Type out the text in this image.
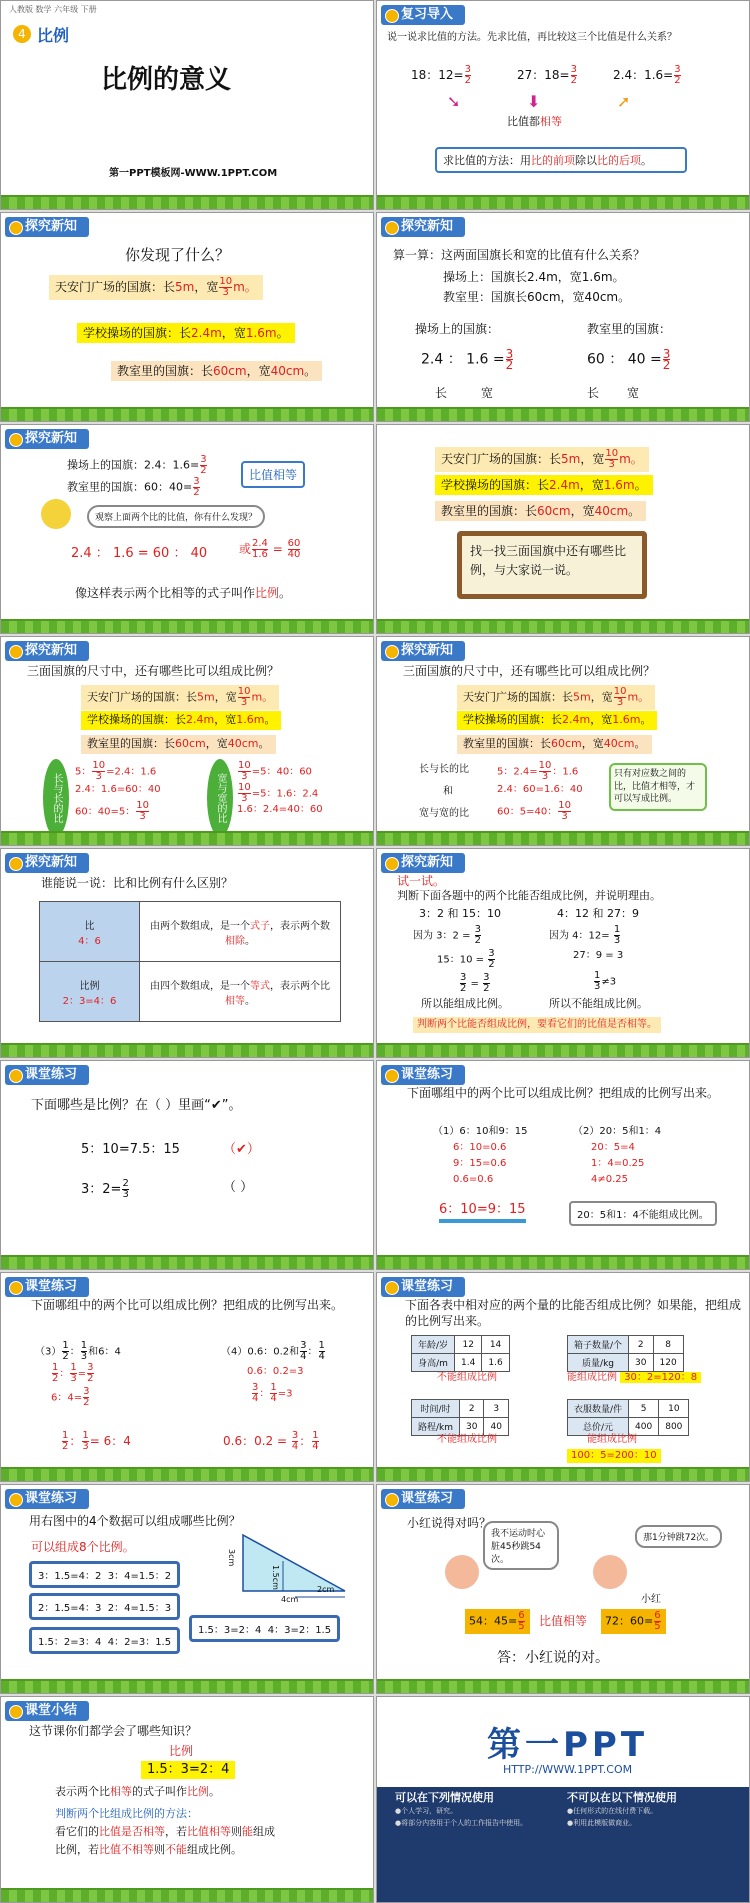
人教版 数学 六年级 下册
4 比例
比例的意义
第一PPT模板网-WWW.1PPT.COM
复习导入
说一说求比值的方法。先求比值，再比较这三个比值是什么关系？
18：$12= \frac{3}{2}$	27：$18= \frac{3}{2}$	2.4：$1.6= \frac{3}{2}$
➘	⬇	➚
比值都相等
求比值的方法：用比的前项除以比的后项。
探究新知
你发现了什么？
天安门广场的国旗：长5m，宽 $\frac{10}{3}$ m。
学校操场的国旗：长2.4m，宽1.6m。
教室里的国旗：长60cm，宽40cm。
探究新知
算一算：这两面国旗长和宽的比值有什么关系？
操场上：国旗长2.4m，宽1.6m。
教室里：国旗长60cm，宽40cm。
操场上的国旗：	教室里的国旗：
2.4 ： $1.6 = \frac{3}{2}$	60 ： $40 = \frac{3}{2}$
长	宽	长 宽
探究新知
操场上的国旗：2.4：$1.6= \frac{3}{2}$
教室里的国旗：60：$40= \frac{3}{2}$
比值相等
观察上面两个比的比值，你有什么发现？
2.4 ： 1.6 = 60 ： 40	或 $\frac{2.4}{1.6} = \frac{60}{40}$
像这样表示两个比相等的式子叫作比例。
天安门广场的国旗：长5m，宽 $\frac{10}{3}$ m。
学校操场的国旗：长2.4m，宽1.6m。
教室里的国旗：长60cm，宽40cm。
找一找三面国旗中还有哪些比例，与大家说一说。
探究新知
三面国旗的尺寸中，还有哪些比可以组成比例？
天安门广场的国旗：长5m，宽 $\frac{10}{3}$ m。
学校操场的国旗：长2.4m，宽1.6m。
教室里的国旗：长60cm，宽40cm。
长与长的比	宽与宽的比
5： $\frac{10}{3} =2.4$：1.6
2.4：1.6=60：40
60：40=5： $\frac{10}{3}$
$\frac{10}{3} =5$：40：60
$\frac{10}{3} =5$：1.6：2.4
1.6：2.4=40：60
探究新知
三面国旗的尺寸中，还有哪些比可以组成比例？
天安门广场的国旗：长5m，宽 $\frac{10}{3}$ m。
学校操场的国旗：长2.4m，宽1.6m。
教室里的国旗：长60cm，宽40cm。
长与长的比
和
宽与宽的比
5：$2.4= \frac{10}{3}$ ：1.6
2.4：60=1.6：40
60：5=40： $\frac{10}{3}$
只有对应数之间的比，比值才相等，才可以写成比例。
探究新知
谁能说一说：比和比例有什么区别？
比
4：6	由两个数组成，是一个式子，表示两个数相除。

比例
2：3=4：6	由四个数组成，是一个等式，表示两个比相等。
探究新知
试一试。
判断下面各题中的两个比能否组成比例，并说明理由。
3：2 和 15：10	4：12 和 27：9
因为 3：$2 = \frac{3}{2}$
15：$10 = \frac{3}{2}$
$\frac{3}{2} = \frac{3}{2}$
所以能组成比例。
因为 4：$12= \frac{1}{3}$
27：9 = 3
$\frac{1}{3} \ne 3$
所以不能组成比例。
判断两个比能否组成比例，要看它们的比值是否相等。
课堂练习
下面哪些是比例？在（ ）里画“✔”。
5：10=7.5：15	（✔）
3：$2= \frac{2}{3}$	（ ）
课堂练习
下面哪组中的两个比可以组成比例？把组成的比例写出来。
（1）6：10和9：15	（2）20：5和1：4
6：10=0.6
9：15=0.6
0.6=0.6
20：5=4
1：4=0.25
4≠0.25
6：10=9：15	20：5和1：4不能组成比例。
课堂练习
下面哪组中的两个比可以组成比例？把组成的比例写出来。
$(3) \frac{1}{2}$ ： $\frac{1}{3}$ 和6：4
$\frac{1}{2}$ ： $\frac{1}{3} = \frac{3}{2}$
6：$4= \frac{3}{2}$
$\frac{1}{2}$ ： $\frac{1}{3} = 6$：4
（4）0.6：0.2和 $\frac{3}{4}$ ： $\frac{1}{4}$
0.6：0.2=3
$\frac{3}{4}$ ： $\frac{1}{4} =3$
0.6：$0.2 = \frac{3}{4}$ ： $\frac{1}{4}$
课堂练习
下面各表中相对应的两个量的比能否组成比例？如果能，把组成的比例写出来。
年龄/岁	12	14
身高/m	1.4	1.6
不能组成比例
箱子数量/个	2	8
质量/kg	30	120
能组成比例 30：2=120：8
时间/时	2	3
路程/km	30	40
不能组成比例
衣服数量/件	5	10
总价/元	400	800
能组成比例
100：5=200：10
课堂练习
用右图中的4个数据可以组成哪些比例？
可以组成8个比例。
3：1.5=4：2 3：4=1.5：2
2：1.5=4：3 2：4=1.5：3
1.5：2=3：4 4：2=3：1.5
1.5：3=2：4 4：3=2：1.5
3cm
1.5cm
4cm
2cm
课堂练习
小红说得对吗？
我不运动时心脏45秒跳54次。
那1分钟跳72次。
小红
54：$45= \frac{6}{5}$ 比值相等	72：$60= \frac{6}{5}$
答：小红说的对。
课堂小结
这节课你们都学会了哪些知识？
比例
1.5：3=2：4
表示两个比相等的式子叫作比例。
判断两个比组成比例的方法：
看它们的比值是否相等，若比值相等则能组成
比例，若比值不相等则不能组成比例。
第一PPT
HTTP://WWW.1PPT.COM
可以在下列情况使用
●个人学习，研究。
●将部分内容用于个人的工作报告中使用。
不可以在以下情况使用
●任何形式的在线付费下载。
●利用此模版做商业。
